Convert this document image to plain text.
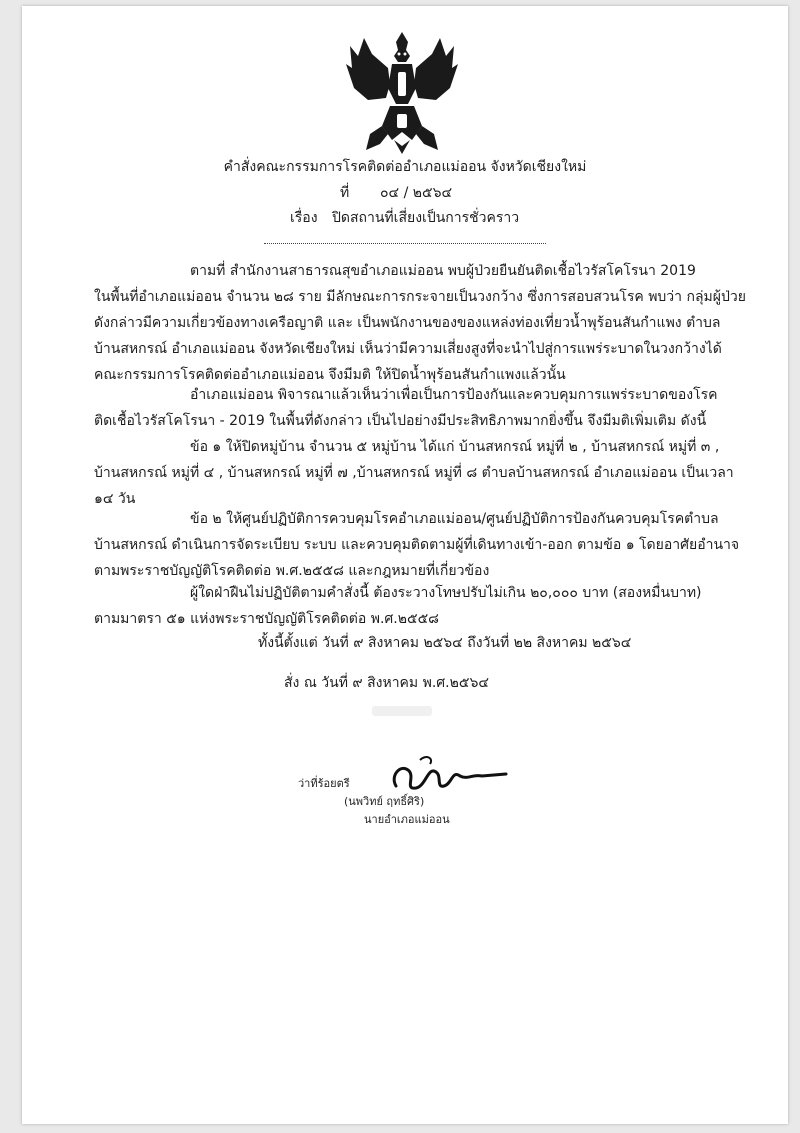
คำสั่งคณะกรรมการโรคติดต่ออำเภอแม่ออน จังหวัดเชียงใหม่
ที่ ๐๔ / ๒๕๖๔
เรื่อง ปิดสถานที่เสี่ยงเป็นการชั่วคราว

ตามที่ สำนักงานสาธารณสุขอำเภอแม่ออน พบผู้ป่วยยืนยันติดเชื้อไวรัสโคโรนา 2019

ในพื้นที่อำเภอแม่ออน จำนวน ๒๘ ราย มีลักษณะการกระจายเป็นวงกว้าง ซึ่งการสอบสวนโรค พบว่า กลุ่มผู้ป่วย

ดังกล่าวมีความเกี่ยวข้องทางเครือญาติ และ เป็นพนักงานของของแหล่งท่องเที่ยวน้ำพุร้อนสันกำแพง ตำบล

บ้านสหกรณ์ อำเภอแม่ออน จังหวัดเชียงใหม่ เห็นว่ามีความเสี่ยงสูงที่จะนำไปสู่การแพร่ระบาดในวงกว้างได้

คณะกรรมการโรคติดต่ออำเภอแม่ออน จึงมีมติ ให้ปิดน้ำพุร้อนสันกำแพงแล้วนั้น

อำเภอแม่ออน พิจารณาแล้วเห็นว่าเพื่อเป็นการป้องกันและควบคุมการแพร่ระบาดของโรค

ติดเชื้อไวรัสโคโรนา - 2019 ในพื้นที่ดังกล่าว เป็นไปอย่างมีประสิทธิภาพมากยิ่งขึ้น จึงมีมติเพิ่มเติม ดังนี้

ข้อ ๑ ให้ปิดหมู่บ้าน จำนวน ๕ หมู่บ้าน ได้แก่ บ้านสหกรณ์ หมู่ที่ ๒ , บ้านสหกรณ์ หมู่ที่ ๓ ,

บ้านสหกรณ์ หมู่ที่ ๔ , บ้านสหกรณ์ หมู่ที่ ๗ ,บ้านสหกรณ์ หมู่ที่ ๘ ตำบลบ้านสหกรณ์ อำเภอแม่ออน เป็นเวลา

๑๔ วัน

ข้อ ๒ ให้ศูนย์ปฏิบัติการควบคุมโรคอำเภอแม่ออน/ศูนย์ปฏิบัติการป้องกันควบคุมโรคตำบล

บ้านสหกรณ์ ดำเนินการจัดระเบียบ ระบบ และควบคุมติดตามผู้ที่เดินทางเข้า-ออก ตามข้อ ๑ โดยอาศัยอำนาจ

ตามพระราชบัญญัติโรคติดต่อ พ.ศ.๒๕๕๘ และกฎหมายที่เกี่ยวข้อง

ผู้ใดฝ่าฝืนไม่ปฏิบัติตามคำสั่งนี้ ต้องระวางโทษปรับไม่เกิน ๒๐,๐๐๐ บาท (สองหมื่นบาท)

ตามมาตรา ๕๑ แห่งพระราชบัญญัติโรคติดต่อ พ.ศ.๒๕๕๘

ทั้งนี้ตั้งแต่ วันที่ ๙ สิงหาคม ๒๕๖๔ ถึงวันที่ ๒๒ สิงหาคม ๒๕๖๔
สั่ง ณ วันที่ ๙ สิงหาคม พ.ศ.๒๕๖๔
ว่าที่ร้อยตรี
(นพวิทย์ ฤทธิ์ศิริ)
นายอำเภอแม่ออน
